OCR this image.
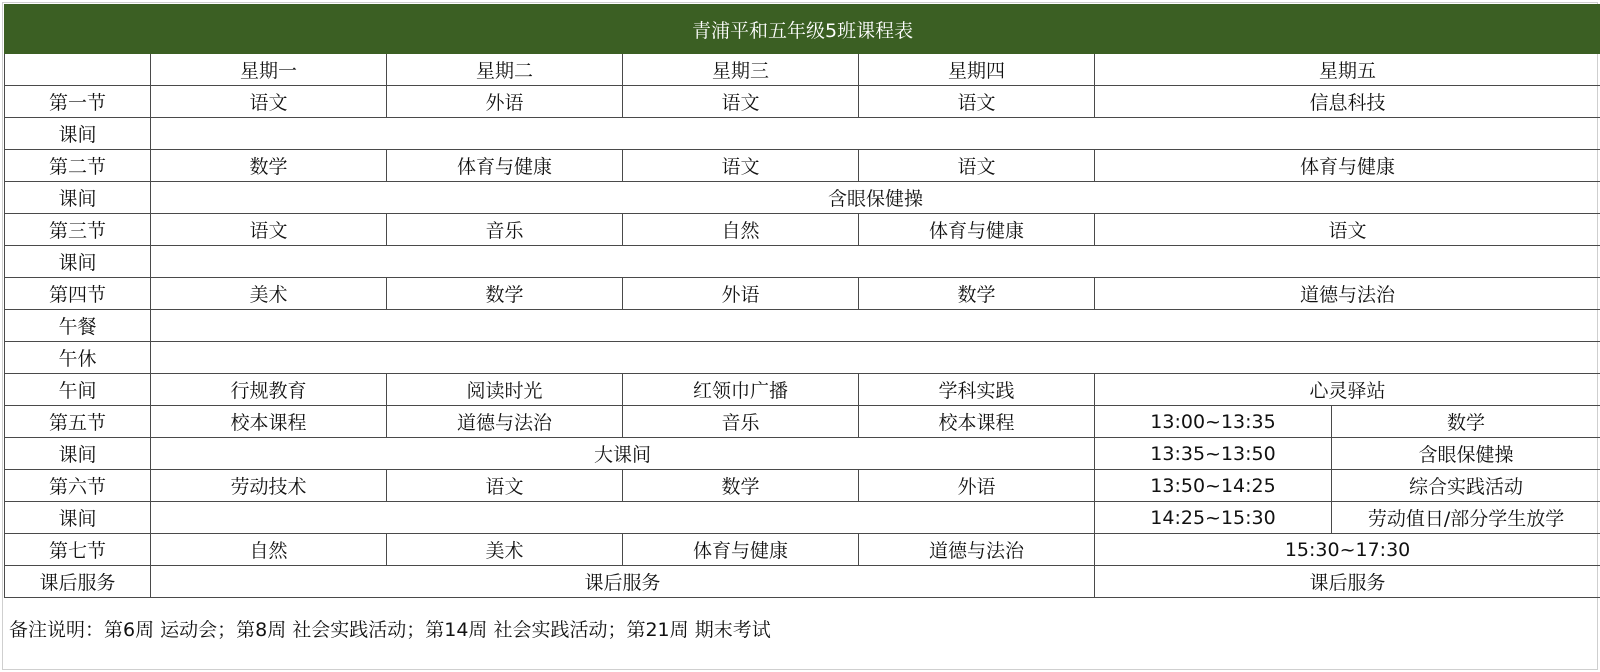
青浦平和五年级5班课程表						
	星期一	星期二	星期三	星期四	星期五	
第一节	语文	外语	语文	语文	信息科技	
课间						
第二节	数学	体育与健康	语文	语文	体育与健康	
课间	含眼保健操					
第三节	语文	音乐	自然	体育与健康	语文	
课间						
第四节	美术	数学	外语	数学	道德与法治	
午餐						
午休						
午间	行规教育	阅读时光	红领巾广播	学科实践	心灵驿站	
第五节	校本课程	道德与法治	音乐	校本课程	13:00~13:35	数学
课间	大课间				13:35~13:50	含眼保健操
第六节	劳动技术	语文	数学	外语	13:50~14:25	综合实践活动
课间					14:25~15:30	劳动值日/部分学生放学
第七节	自然	美术	体育与健康	道德与法治	15:30~17:30	
课后服务	课后服务				课后服务	
备注说明：第6周 运动会；第8周 社会实践活动；第14周 社会实践活动；第21周 期末考试
